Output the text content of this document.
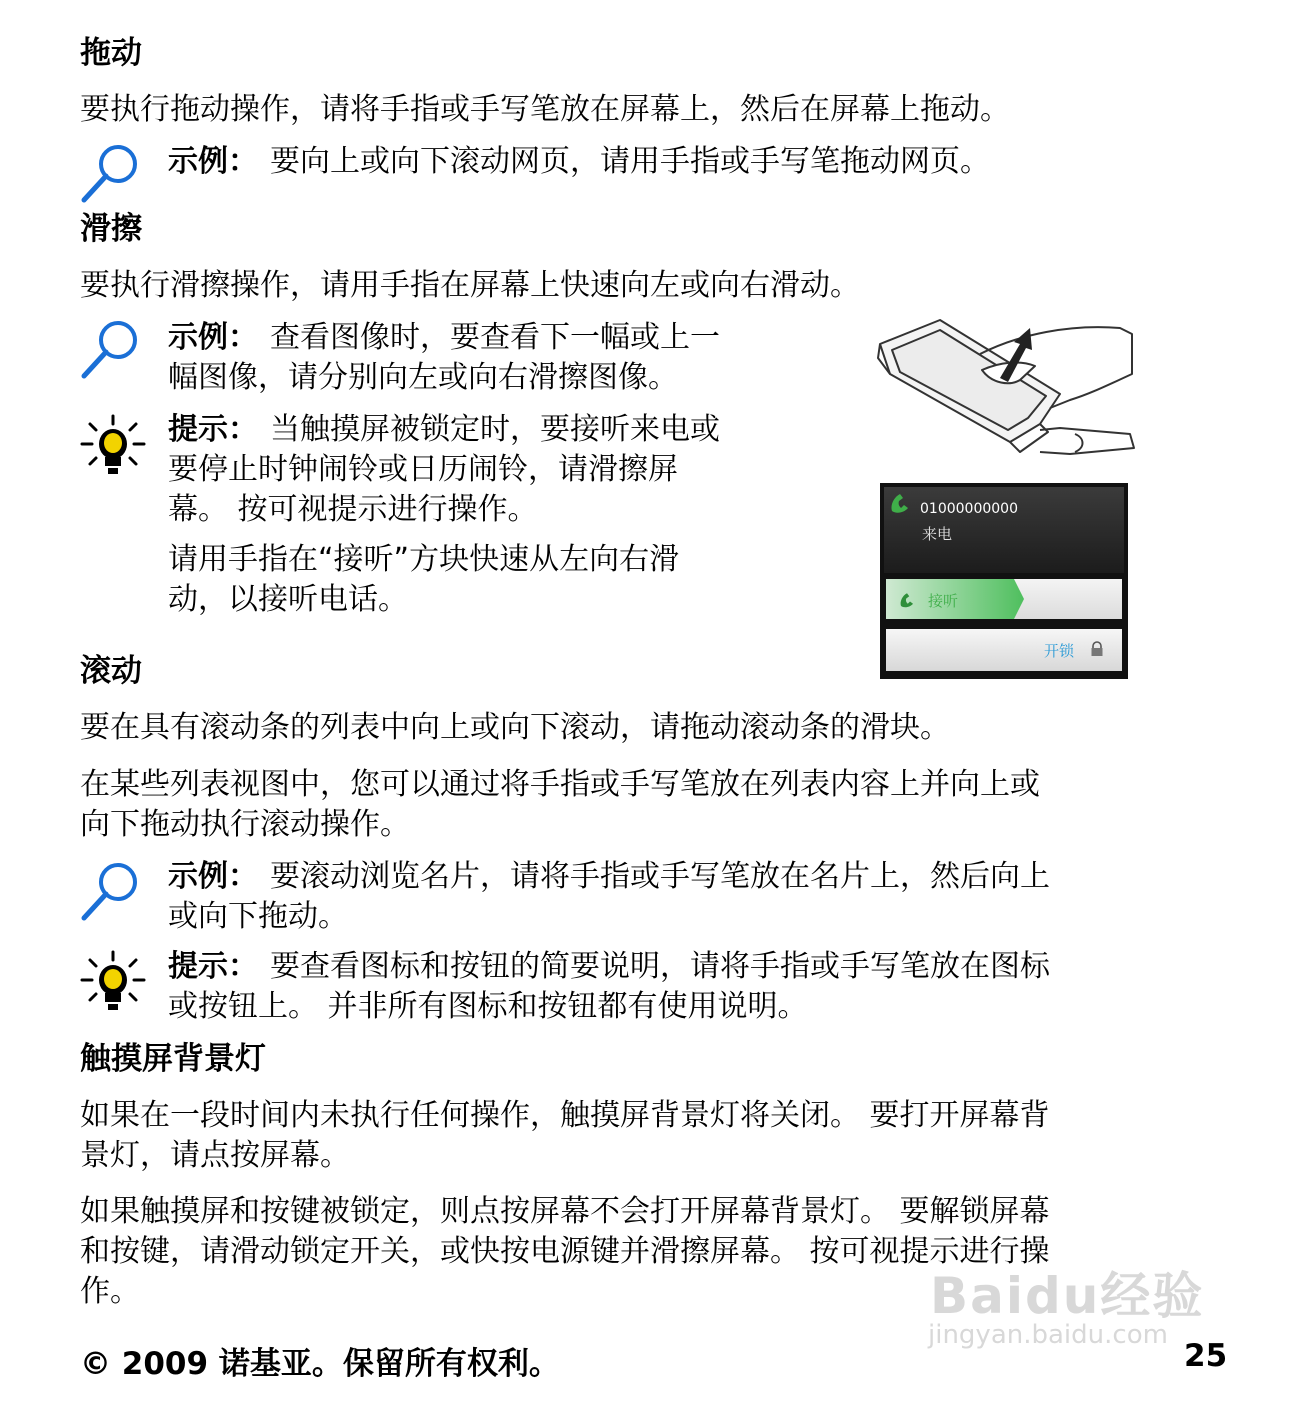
拖动
要执行拖动操作，请将手指或手写笔放在屏幕上，然后在屏幕上拖动。
示例： 要向上或向下滚动网页，请用手指或手写笔拖动网页。
滑擦
要执行滑擦操作，请用手指在屏幕上快速向左或向右滑动。
示例： 查看图像时，要查看下一幅或上一
幅图像，请分别向左或向右滑擦图像。
提示： 当触摸屏被锁定时，要接听来电或
要停止时钟闹铃或日历闹铃，请滑擦屏
幕。 按可视提示进行操作。
请用手指在“接听”方块快速从左向右滑
动，以接听电话。
01000000000
来电
接听
开锁
滚动
要在具有滚动条的列表中向上或向下滚动，请拖动滚动条的滑块。
在某些列表视图中，您可以通过将手指或手写笔放在列表内容上并向上或
向下拖动执行滚动操作。
示例： 要滚动浏览名片，请将手指或手写笔放在名片上，然后向上
或向下拖动。
提示： 要查看图标和按钮的简要说明，请将手指或手写笔放在图标
或按钮上。 并非所有图标和按钮都有使用说明。
触摸屏背景灯
如果在一段时间内未执行任何操作，触摸屏背景灯将关闭。 要打开屏幕背
景灯，请点按屏幕。
如果触摸屏和按键被锁定，则点按屏幕不会打开屏幕背景灯。 要解锁屏幕
和按键，请滑动锁定开关，或快按电源键并滑擦屏幕。 按可视提示进行操
作。	Baidu经验
jingyan.baidu.com
© 2009 诺基亚。保留所有权利。	25
